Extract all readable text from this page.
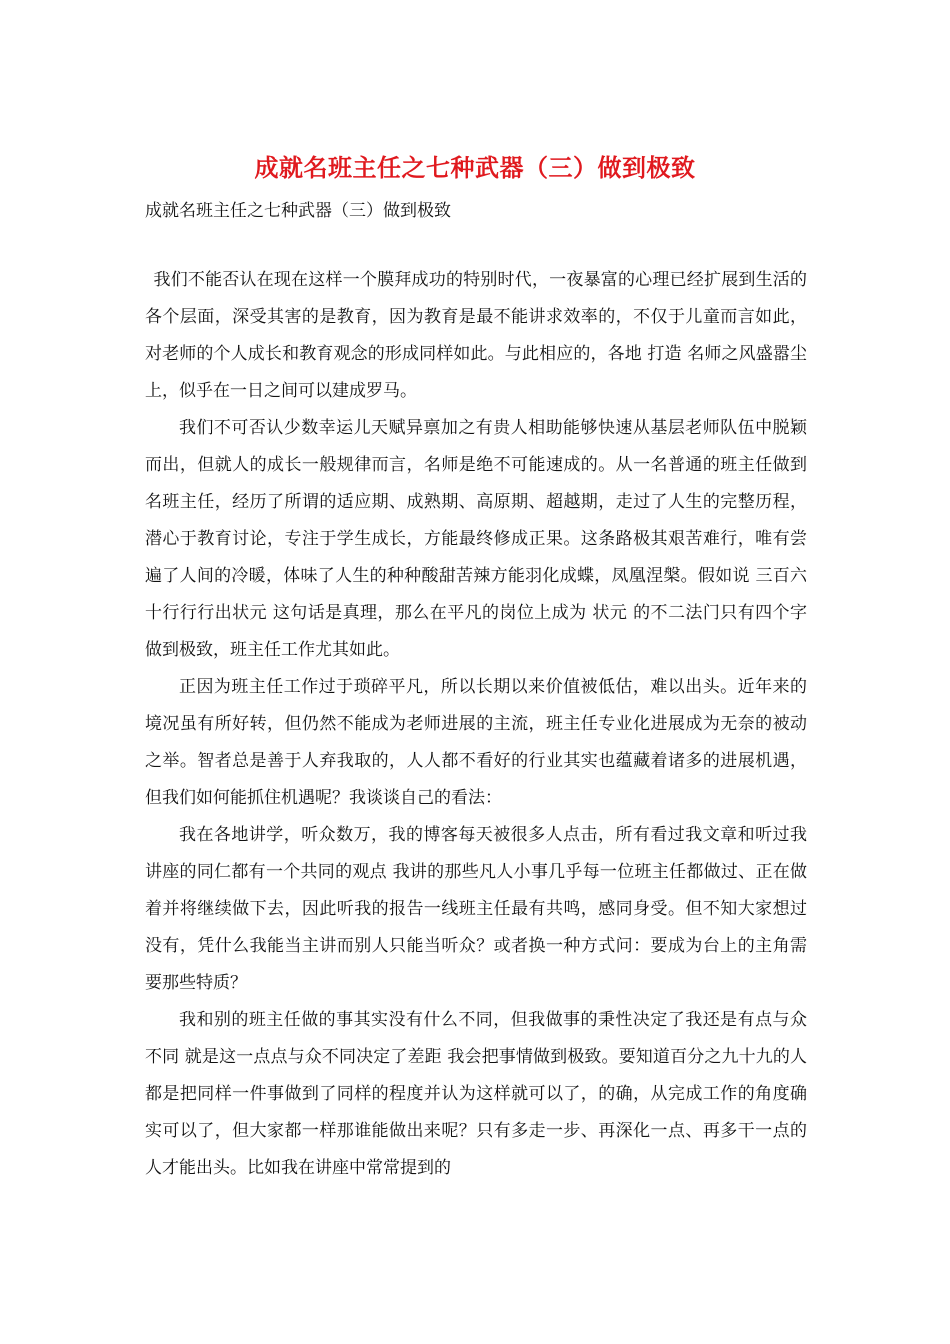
成就名班主任之七种武器（三）做到极致
成就名班主任之七种武器（三）做到极致

我们不能否认在现在这样一个膜拜成功的特别时代，一夜暴富的心理已经扩展到生活的各个层面，深受其害的是教育，因为教育是最不能讲求效率的，不仅于儿童而言如此，对老师的个人成长和教育观念的形成同样如此。与此相应的，各地 打造 名师之风盛嚣尘上，似乎在一日之间可以建成罗马。

我们不可否认少数幸运儿天赋异禀加之有贵人相助能够快速从基层老师队伍中脱颖而出，但就人的成长一般规律而言，名师是绝不可能速成的。从一名普通的班主任做到名班主任，经历了所谓的适应期、成熟期、高原期、超越期，走过了人生的完整历程，潜心于教育讨论，专注于学生成长，方能最终修成正果。这条路极其艰苦难行，唯有尝遍了人间的冷暖，体味了人生的种种酸甜苦辣方能羽化成蝶，凤凰涅槃。假如说 三百六十行行行出状元 这句话是真理，那么在平凡的岗位上成为 状元 的不二法门只有四个字 做到极致，班主任工作尤其如此。

正因为班主任工作过于琐碎平凡，所以长期以来价值被低估，难以出头。近年来的境况虽有所好转，但仍然不能成为老师进展的主流，班主任专业化进展成为无奈的被动之举。智者总是善于人弃我取的，人人都不看好的行业其实也蕴藏着诸多的进展机遇，但我们如何能抓住机遇呢？我谈谈自己的看法：

我在各地讲学，听众数万，我的博客每天被很多人点击，所有看过我文章和听过我讲座的同仁都有一个共同的观点 我讲的那些凡人小事几乎每一位班主任都做过、正在做着并将继续做下去，因此听我的报告一线班主任最有共鸣，感同身受。但不知大家想过没有，凭什么我能当主讲而别人只能当听众？或者换一种方式问：要成为台上的主角需要那些特质？

我和别的班主任做的事其实没有什么不同，但我做事的秉性决定了我还是有点与众不同 就是这一点点与众不同决定了差距 我会把事情做到极致。要知道百分之九十九的人都是把同样一件事做到了同样的程度并认为这样就可以了，的确，从完成工作的角度确实可以了，但大家都一样那谁能做出来呢？只有多走一步、再深化一点、再多干一点的人才能出头。比如我在讲座中常常提到的
